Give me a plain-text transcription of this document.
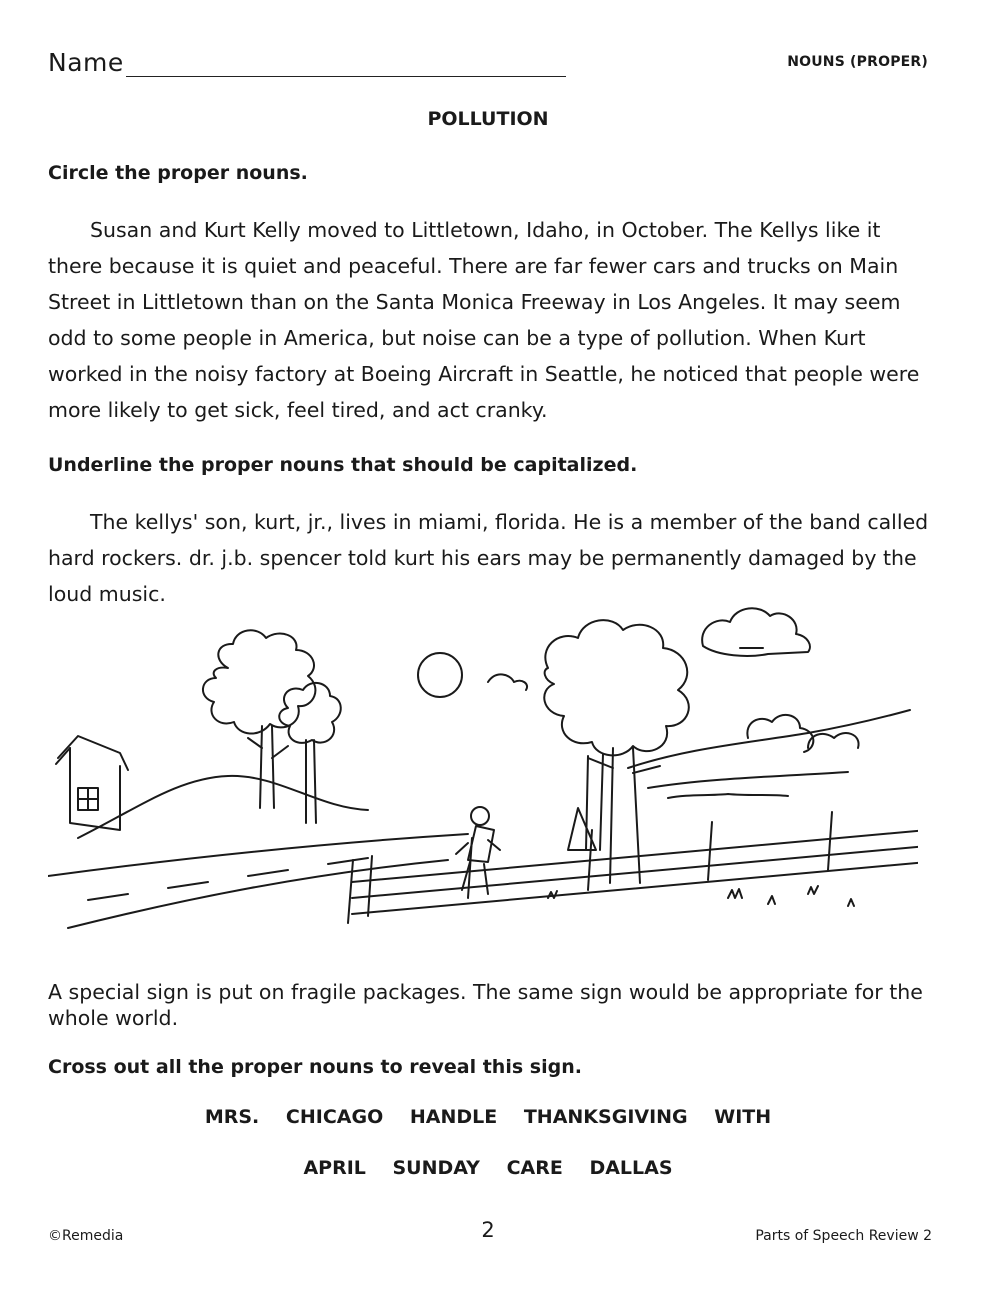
Name	NOUNS (PROPER)
POLLUTION
Circle the proper nouns.
Susan and Kurt Kelly moved to Littletown, Idaho, in October. The Kellys like it there because it is quiet and peaceful. There are far fewer cars and trucks on Main Street in Littletown than on the Santa Monica Freeway in Los Angeles. It may seem odd to some people in America, but noise can be a type of pollution. When Kurt worked in the noisy factory at Boeing Aircraft in Seattle, he noticed that people were more likely to get sick, feel tired, and act cranky.
Underline the proper nouns that should be capitalized.
The kellys' son, kurt, jr., lives in miami, florida. He is a member of the band called hard rockers. dr. j.b. spencer told kurt his ears may be permanently damaged by the loud music.
A special sign is put on fragile packages. The same sign would be appropriate for the whole world.
Cross out all the proper nouns to reveal this sign.
MRS. CHICAGO HANDLE THANKSGIVING WITH
APRIL SUNDAY CARE DALLAS
©Remedia	2	Parts of Speech Review 2
